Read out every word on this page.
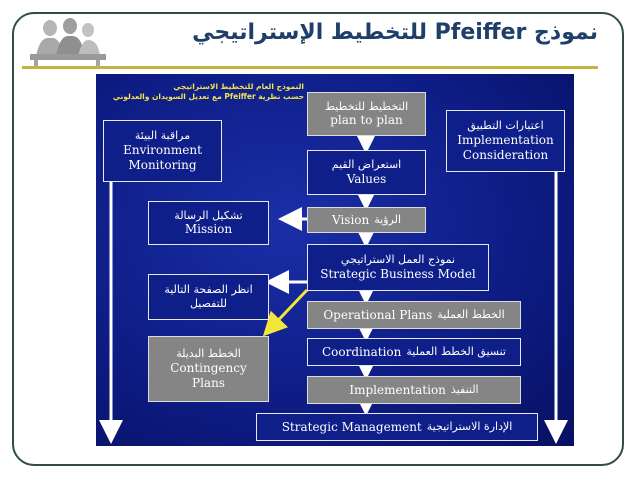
نموذج Pfeiffer للتخطيط الإستراتيجي
النموذج العام للتخطيط الاستراتيجي
حسب نظرية Pfeiffer مع تعديل السويدان والعدلوني
مراقبة البيئة
Environment
Monitoring
التخطيط للتخطيط
plan to plan	اعتبارات التطبيق
Implementation
Consideration
استعراض القيم
Values
تشكيل الرسالة
Mission
Vision الرؤية
نموذج العمل الاستراتيجي
Strategic Business Model
انظر الصفحة التالية
للتفصيل
Operational Plans الخطط العملية
الخطط البديلة
Contingency
Plans
Coordination تنسيق الخطط العملية
Implementation التنفيذ
Strategic Management الإدارة الاستراتيجية
